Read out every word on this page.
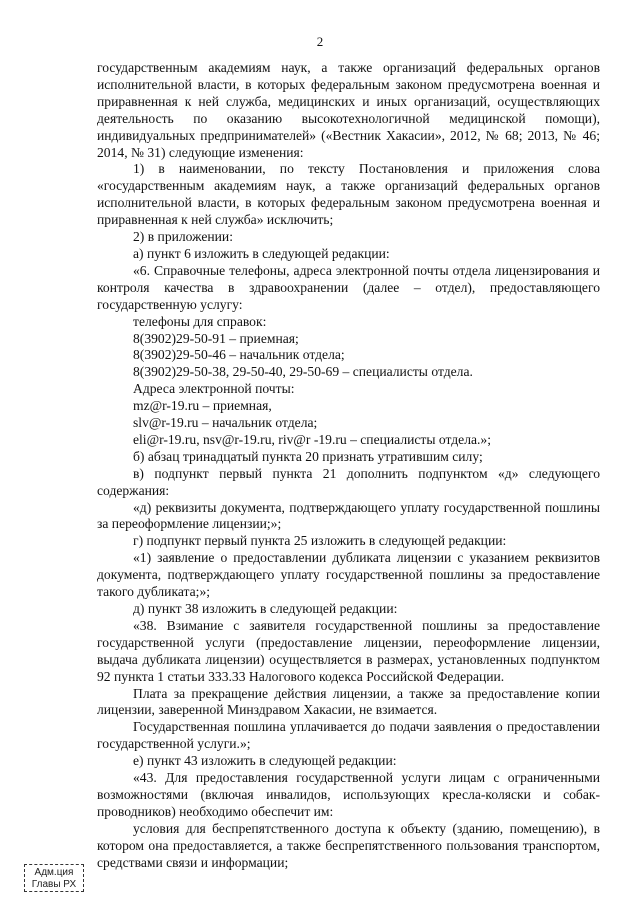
2

государственным академиям наук, а также организаций федеральных органов исполнительной власти, в которых федеральным законом предусмотрена военная и приравненная к ней служба, медицинских и иных организаций, осуществляющих деятельность по оказанию высокотехнологичной медицинской помощи), индивидуальных предпринимателей» («Вестник Хакасии», 2012, № 68; 2013, № 46; 2014, № 31) следующие изменения:

1) в наименовании, по тексту Постановления и приложения слова «государственным академиям наук, а также организаций федеральных органов исполнительной власти, в которых федеральным законом предусмотрена военная и приравненная к ней служба» исключить;

2) в приложении:

а) пункт 6 изложить в следующей редакции:

«6. Справочные телефоны, адреса электронной почты отдела лицензирования и контроля качества в здравоохранении (далее – отдел), предоставляющего государственную услугу:

телефоны для справок:

8(3902)29-50-91 – приемная;

8(3902)29-50-46 – начальник отдела;

8(3902)29-50-38, 29-50-40, 29-50-69 – специалисты отдела.

Адреса электронной почты:

mz@r-19.ru – приемная,

slv@r-19.ru – начальник отдела;

eli@r-19.ru, nsv@r-19.ru, riv@r -19.ru – специалисты отдела.»;

б) абзац тринадцатый пункта 20 признать утратившим силу;

в) подпункт первый пункта 21 дополнить подпунктом «д» следующего содержания:

«д) реквизиты документа, подтверждающего уплату государственной пошлины за переоформление лицензии;»;

г) подпункт первый пункта 25 изложить в следующей редакции:

«1) заявление о предоставлении дубликата лицензии с указанием реквизитов документа, подтверждающего уплату государственной пошлины за предоставление такого дубликата;»;

д) пункт 38 изложить в следующей редакции:

«38. Взимание с заявителя государственной пошлины за предоставление государственной услуги (предоставление лицензии, переоформление лицензии, выдача дубликата лицензии) осуществляется в размерах, установленных подпунктом 92 пункта 1 статьи 333.33 Налогового кодекса Российской Федерации.

Плата за прекращение действия лицензии, а также за предоставление копии лицензии, заверенной Минздравом Хакасии, не взимается.

Государственная пошлина уплачивается до подачи заявления о предоставлении государственной услуги.»;

е) пункт 43 изложить в следующей редакции:

«43. Для предоставления государственной услуги лицам с ограниченными возможностями (включая инвалидов, использующих кресла-коляски и собак-проводников) необходимо обеспечит им:

условия для беспрепятственного доступа к объекту (зданию, помещению), в котором она предоставляется, а также беспрепятственного пользования транспортом, средствами связи и информации;

Адм.ция
Главы РХ
